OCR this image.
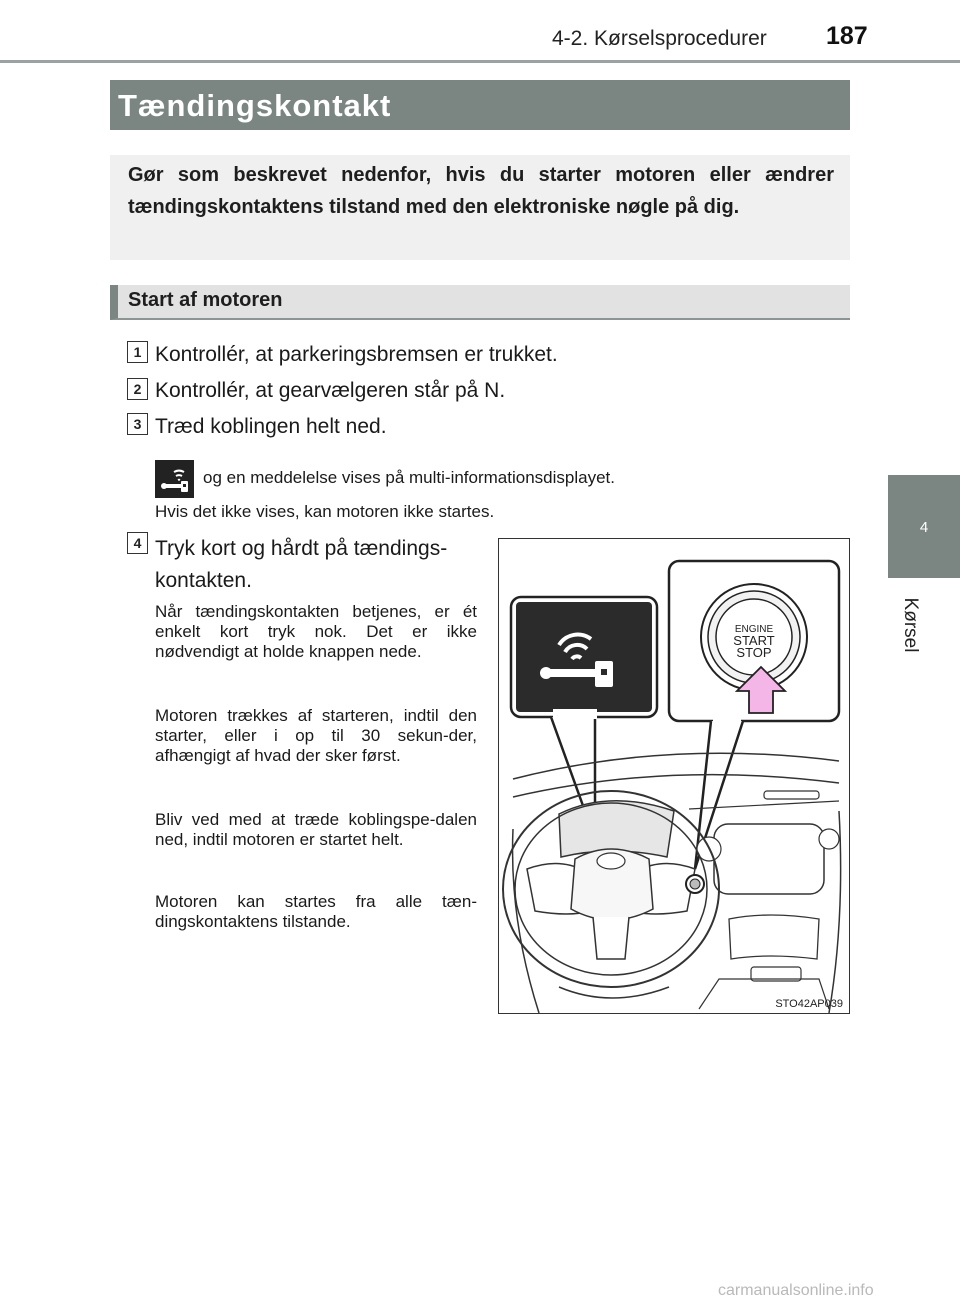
4-2. Kørselsprocedurer 187
4
Kørsel
Tændingskontakt

Gør som beskrevet nedenfor, hvis du starter motoren eller ændrer tændingskontaktens tilstand med den elektroniske nøgle på dig.

Start af motoren
1 Kontrollér, at parkeringsbremsen er trukket.
2 Kontrollér, at gearvælgeren står på N.
3 Træd koblingen helt ned.
og en meddelelse vises på multi-informationsdisplayet.
Hvis det ikke vises, kan motoren ikke startes.
4 Tryk kort og hårdt på tændings-kontakten.

Når tændingskontakten betjenes, er ét enkelt kort tryk nok. Det er ikke nødvendigt at holde knappen nede.

Motoren trækkes af starteren, indtil den starter, eller i op til 30 sekun-der, afhængigt af hvad der sker først.

Bliv ved med at træde koblingspe-dalen ned, indtil motoren er startet helt.

Motoren kan startes fra alle tæn-dingskontaktens tilstande.

ENGINE
START
STOP
STO42AP039
carmanualsonline.info
